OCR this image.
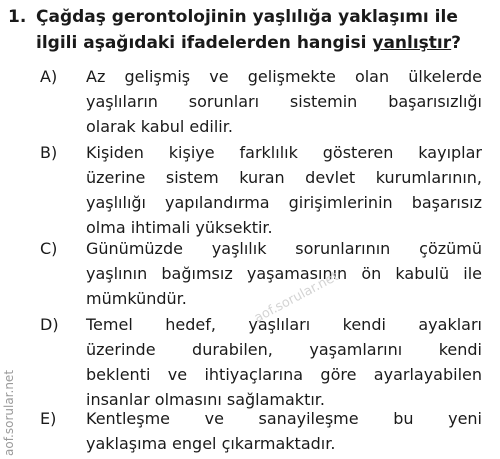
1. Çağdaş gerontolojinin yaşlılığa yaklaşımı ile
ilgili aşağıdaki ifadelerden hangisi yanlıştır?
A)	Az gelişmiş ve gelişmekte olan ülkelerde
yaşlıların sorunları sistemin başarısızlığı
olarak kabul edilir.
B)	Kişiden kişiye farklılık gösteren kayıplar
üzerine sistem kuran devlet kurumlarının,
yaşlılığı yapılandırma girişimlerinin başarısız
olma ihtimali yüksektir.
C)	Günümüzde yaşlılık sorunlarının çözümü
yaşlının bağımsız yaşamasının ön kabulü ile
mümkündür.
D)	Temel hedef, yaşlıları kendi ayakları
üzerinde durabilen, yaşamlarını kendi
beklenti ve ihtiyaçlarına göre ayarlayabilen
insanlar olmasını sağlamaktır.
E)	Kentleşme ve sanayileşme bu yeni
yaklaşıma engel çıkarmaktadır.
aof.sorular.net
aof.sorular.net
